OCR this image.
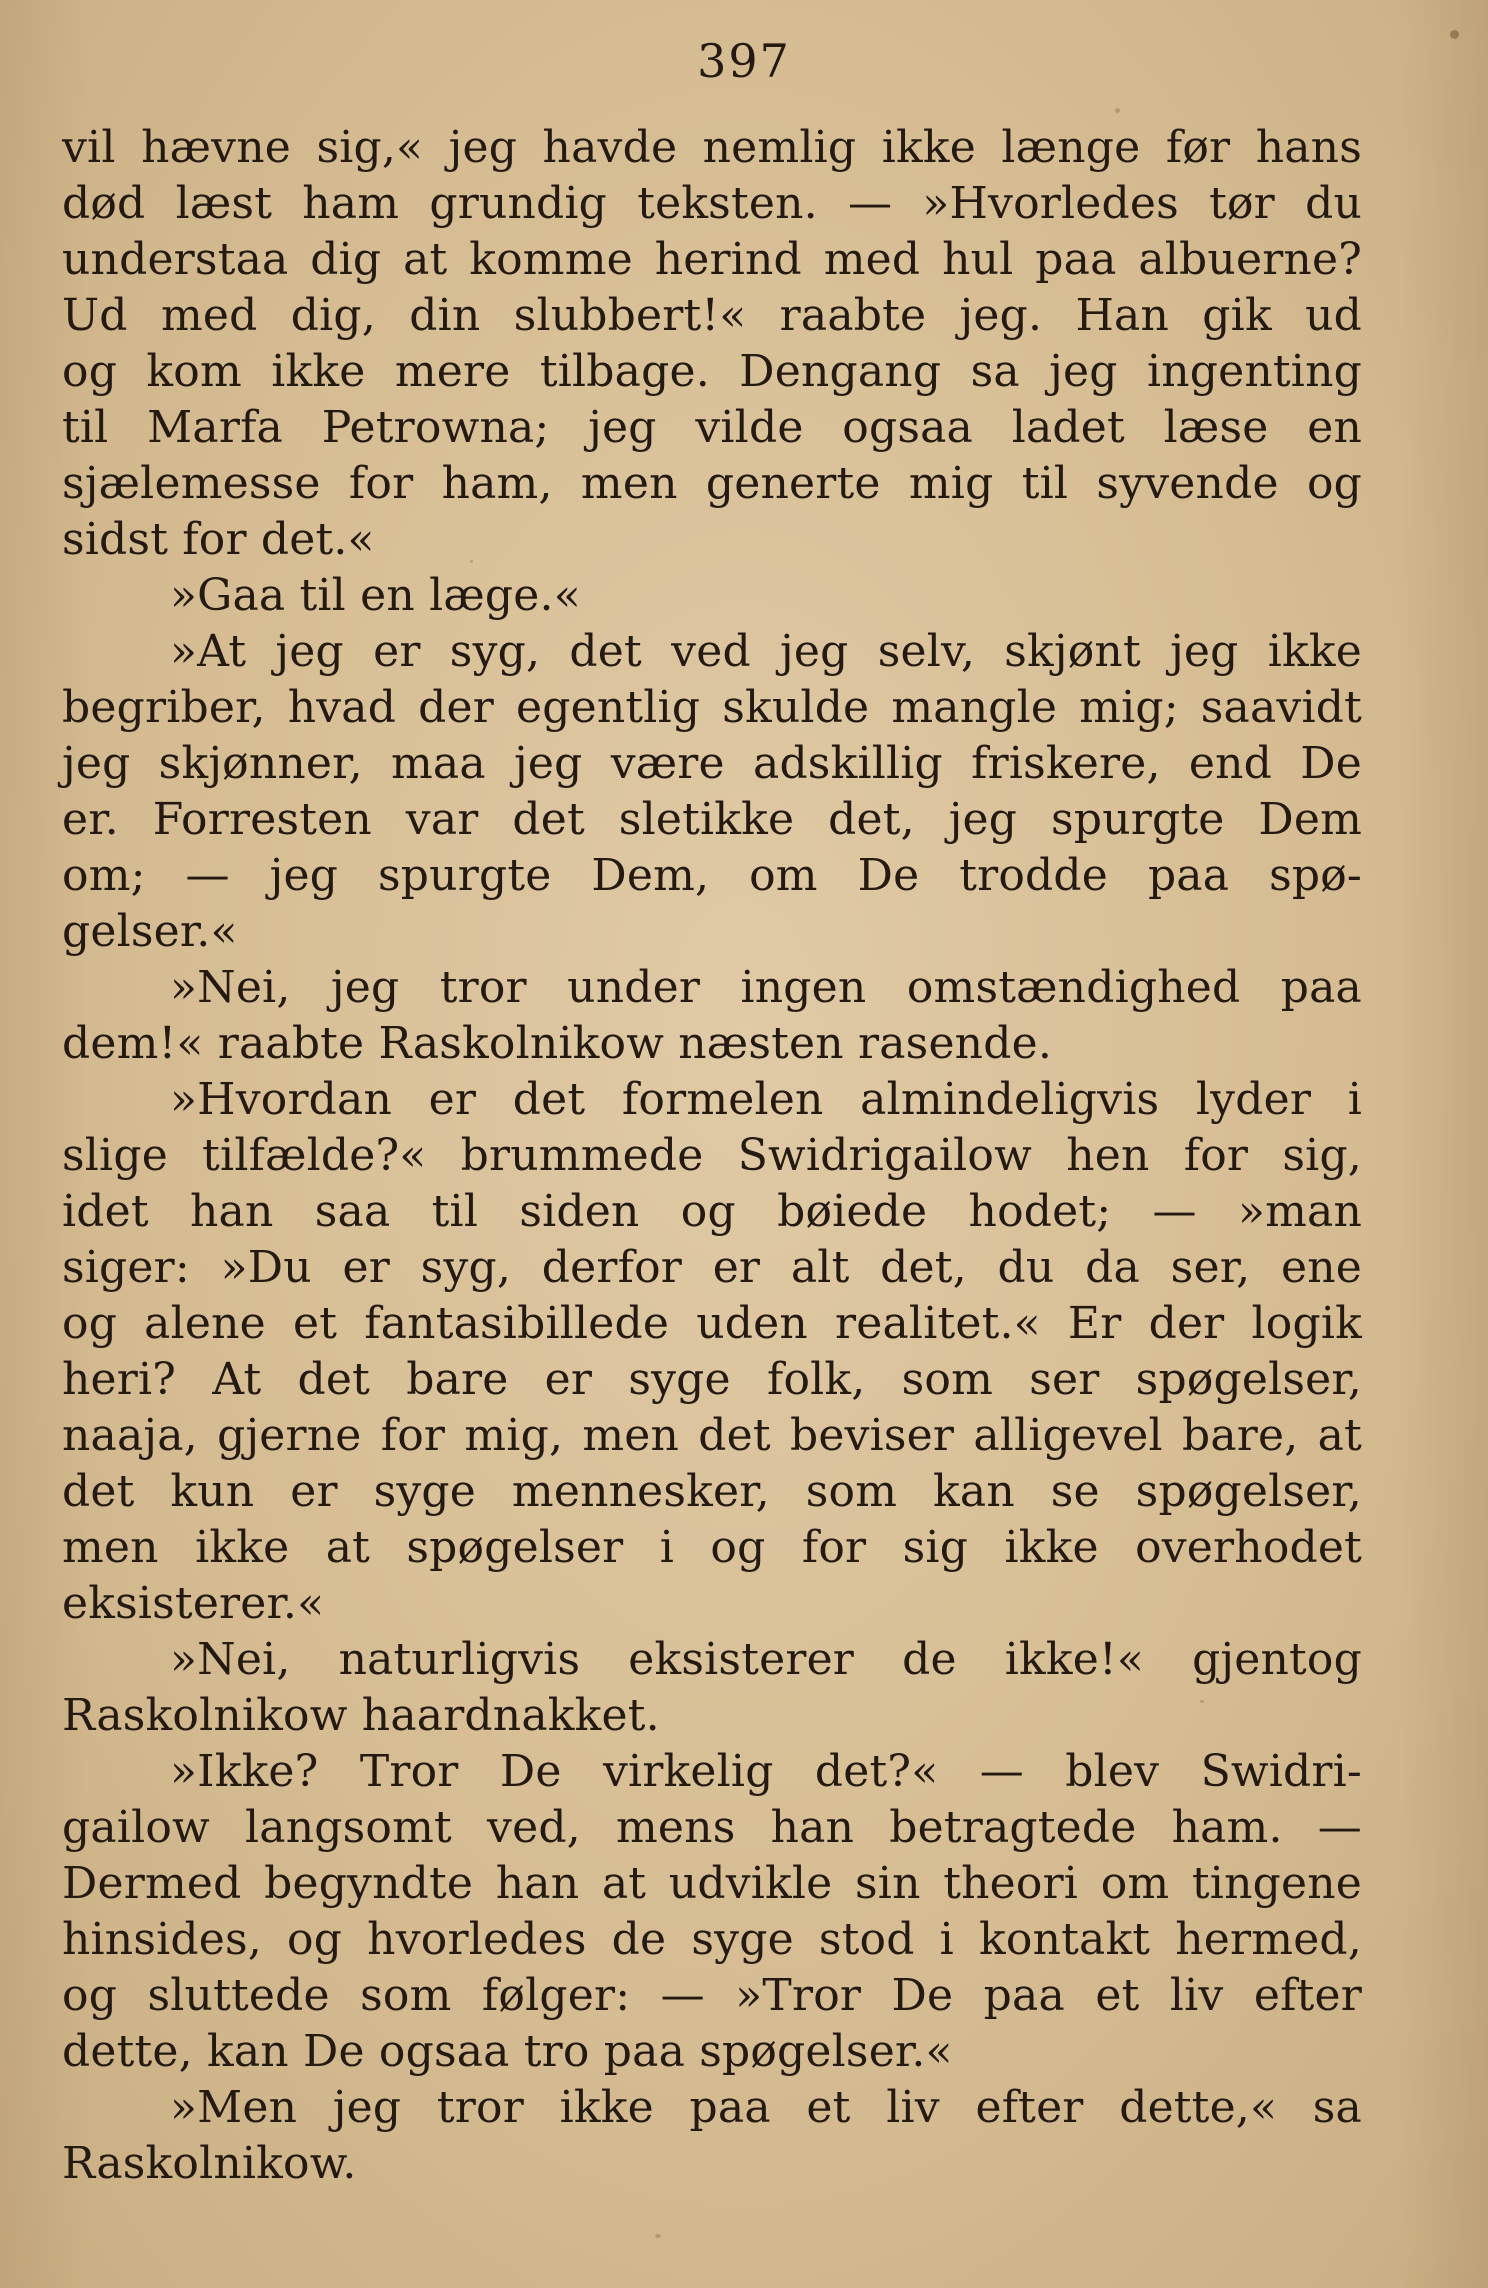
397
vil hævne sig,« jeg havde nemlig ikke længe før hans
død læst ham grundig teksten. — »Hvorledes tør du
understaa dig at komme herind med hul paa albuerne?
Ud med dig, din slubbert!« raabte jeg. Han gik ud
og kom ikke mere tilbage. Dengang sa jeg ingenting
til Marfa Petrowna; jeg vilde ogsaa ladet læse en
sjælemesse for ham, men generte mig til syvende og
sidst for det.«
»Gaa til en læge.«
»At jeg er syg, det ved jeg selv, skjønt jeg ikke
begriber, hvad der egentlig skulde mangle mig; saavidt
jeg skjønner, maa jeg være adskillig friskere, end De
er. Forresten var det sletikke det, jeg spurgte Dem
om; — jeg spurgte Dem, om De trodde paa spø-
gelser.«
»Nei, jeg tror under ingen omstændighed paa
dem!« raabte Raskolnikow næsten rasende.
»Hvordan er det formelen almindeligvis lyder i
slige tilfælde?« brummede Swidrigailow hen for sig,
idet han saa til siden og bøiede hodet; — »man
siger: »Du er syg, derfor er alt det, du da ser, ene
og alene et fantasibillede uden realitet.« Er der logik
heri? At det bare er syge folk, som ser spøgelser,
naaja, gjerne for mig, men det beviser alligevel bare, at
det kun er syge mennesker, som kan se spøgelser,
men ikke at spøgelser i og for sig ikke overhodet
eksisterer.«
»Nei, naturligvis eksisterer de ikke!« gjentog
Raskolnikow haardnakket.
»Ikke? Tror De virkelig det?« — blev Swidri-
gailow langsomt ved, mens han betragtede ham. —
Dermed begyndte han at udvikle sin theori om tingene
hinsides, og hvorledes de syge stod i kontakt hermed,
og sluttede som følger: — »Tror De paa et liv efter
dette, kan De ogsaa tro paa spøgelser.«
»Men jeg tror ikke paa et liv efter dette,« sa
Raskolnikow.
